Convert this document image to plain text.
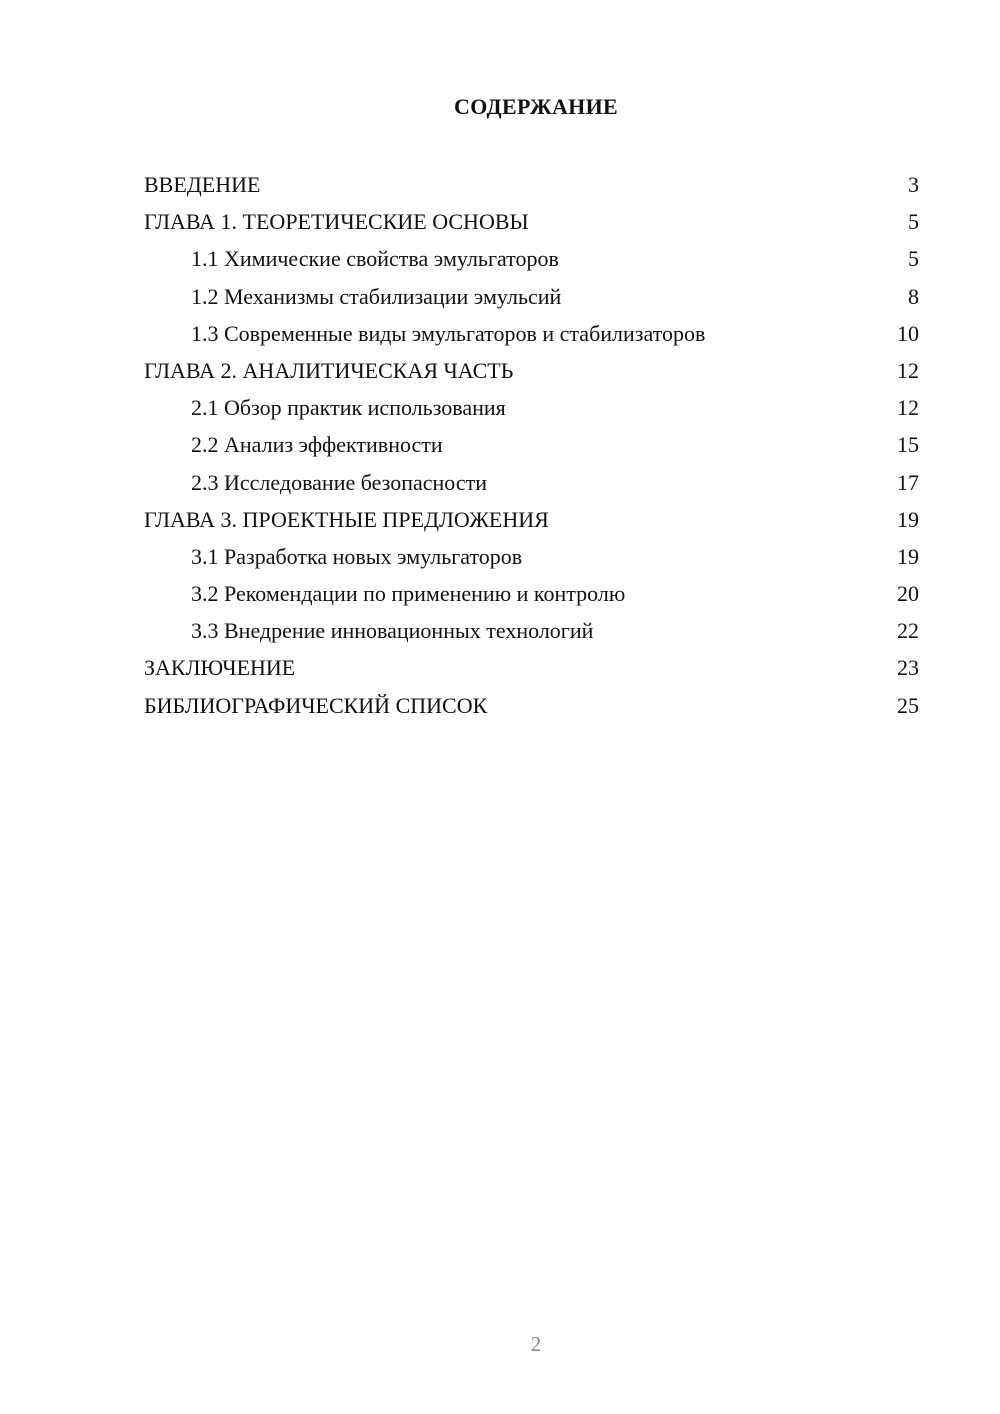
СОДЕРЖАНИЕ
ВВЕДЕНИЕ	3
ГЛАВА 1. ТЕОРЕТИЧЕСКИЕ ОСНОВЫ	5
1.1 Химические свойства эмульгаторов	5
1.2 Механизмы стабилизации эмульсий	8
1.3 Современные виды эмульгаторов и стабилизаторов	10
ГЛАВА 2. АНАЛИТИЧЕСКАЯ ЧАСТЬ	12
2.1 Обзор практик использования	12
2.2 Анализ эффективности	15
2.3 Исследование безопасности	17
ГЛАВА 3. ПРОЕКТНЫЕ ПРЕДЛОЖЕНИЯ	19
3.1 Разработка новых эмульгаторов	19
3.2 Рекомендации по применению и контролю	20
3.3 Внедрение инновационных технологий	22
ЗАКЛЮЧЕНИЕ	23
БИБЛИОГРАФИЧЕСКИЙ СПИСОК	25
2
